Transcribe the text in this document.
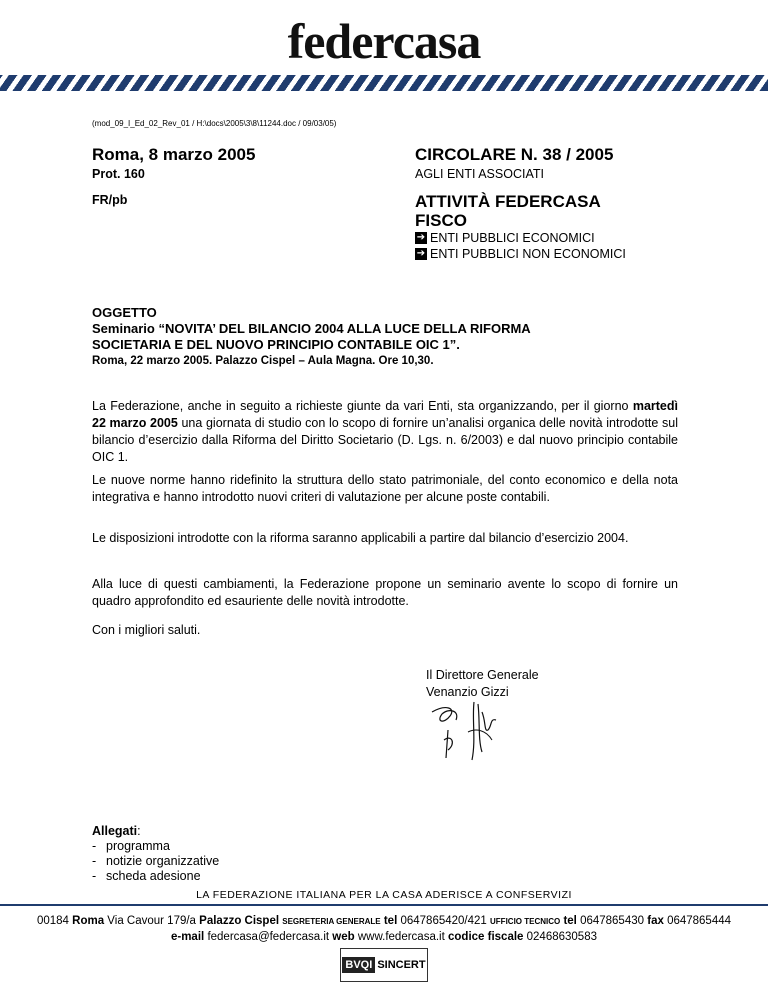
federcasa
(mod_09_I_Ed_02_Rev_01 / H:\docs\2005\3\8\11244.doc / 09/03/05)
Roma, 8 marzo 2005
Prot. 160
FR/pb
CIRCOLARE N. 38 / 2005
AGLI ENTI ASSOCIATI
ATTIVITÀ FEDERCASA
FISCO
➔ ENTI PUBBLICI ECONOMICI
➔ ENTI PUBBLICI NON ECONOMICI
OGGETTO
Seminario “NOVITA’ DEL BILANCIO 2004 ALLA LUCE DELLA RIFORMA
SOCIETARIA E DEL NUOVO PRINCIPIO CONTABILE OIC 1”.
Roma, 22 marzo 2005. Palazzo Cispel – Aula Magna. Ore 10,30.
La Federazione, anche in seguito a richieste giunte da vari Enti, sta organizzando, per il giorno martedì 22 marzo 2005 una giornata di studio con lo scopo di fornire un’analisi organica delle novità introdotte sul bilancio d’esercizio dalla Riforma del Diritto Societario (D. Lgs. n. 6/2003) e dal nuovo principio contabile OIC 1.
Le nuove norme hanno ridefinito la struttura dello stato patrimoniale, del conto economico e della nota integrativa e hanno introdotto nuovi criteri di valutazione per alcune poste contabili.
Le disposizioni introdotte con la riforma saranno applicabili a partire dal bilancio d’esercizio 2004.
Alla luce di questi cambiamenti, la Federazione propone un seminario avente lo scopo di fornire un quadro approfondito ed esauriente delle novità introdotte.
Con i migliori saluti.
Il Direttore Generale
Venanzio Gizzi
Allegati:
- programma
- notizie organizzative
- scheda adesione
LA FEDERAZIONE ITALIANA PER LA CASA ADERISCE A CONFSERVIZI
00184 Roma Via Cavour 179/a Palazzo Cispel SEGRETERIA GENERALE tel 0647865420/421 UFFICIO TECNICO tel 0647865430 fax 0647865444
e-mail federcasa@federcasa.it web www.federcasa.it codice fiscale 02468630583
BVQI SINCERT
